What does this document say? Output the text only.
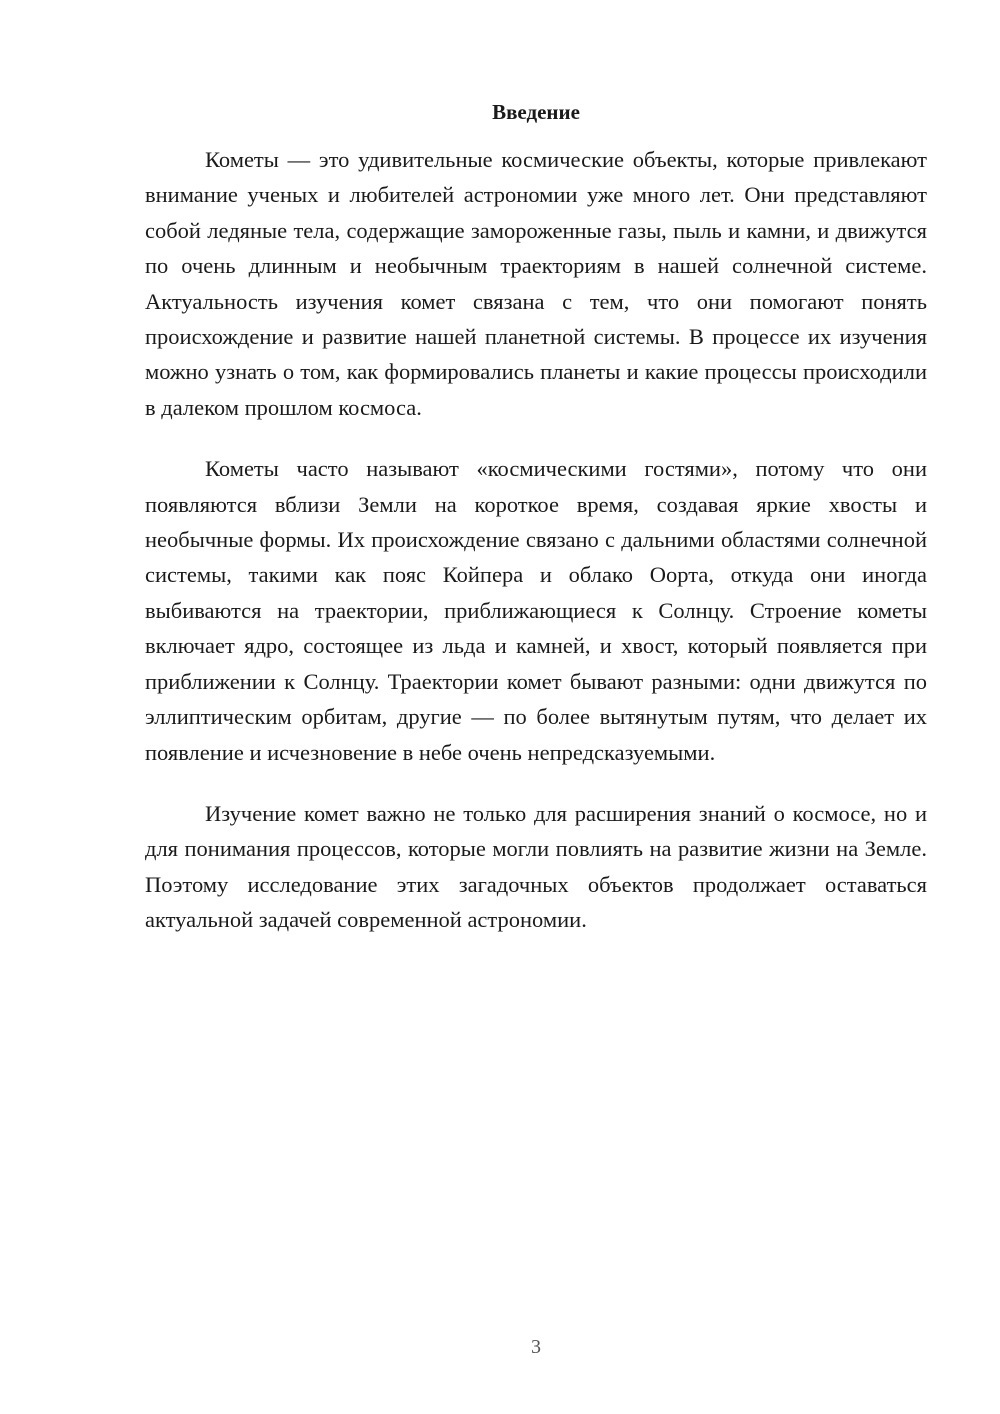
Введение

Кометы — это удивительные космические объекты, которые привлекают внимание ученых и любителей астрономии уже много лет. Они представляют собой ледяные тела, содержащие замороженные газы, пыль и камни, и движутся по очень длинным и необычным траекториям в нашей солнечной системе. Актуальность изучения комет связана с тем, что они помогают понять происхождение и развитие нашей планетной системы. В процессе их изучения можно узнать о том, как формировались планеты и какие процессы происходили в далеком прошлом космоса.

Кометы часто называют «космическими гостями», потому что они появляются вблизи Земли на короткое время, создавая яркие хвосты и необычные формы. Их происхождение связано с дальними областями солнечной системы, такими как пояс Койпера и облако Оорта, откуда они иногда выбиваются на траектории, приближающиеся к Солнцу. Строение кометы включает ядро, состоящее из льда и камней, и хвост, который появляется при приближении к Солнцу. Траектории комет бывают разными: одни движутся по эллиптическим орбитам, другие — по более вытянутым путям, что делает их появление и исчезновение в небе очень непредсказуемыми.

Изучение комет важно не только для расширения знаний о космосе, но и для понимания процессов, которые могли повлиять на развитие жизни на Земле. Поэтому исследование этих загадочных объектов продолжает оставаться актуальной задачей современной астрономии.

3
